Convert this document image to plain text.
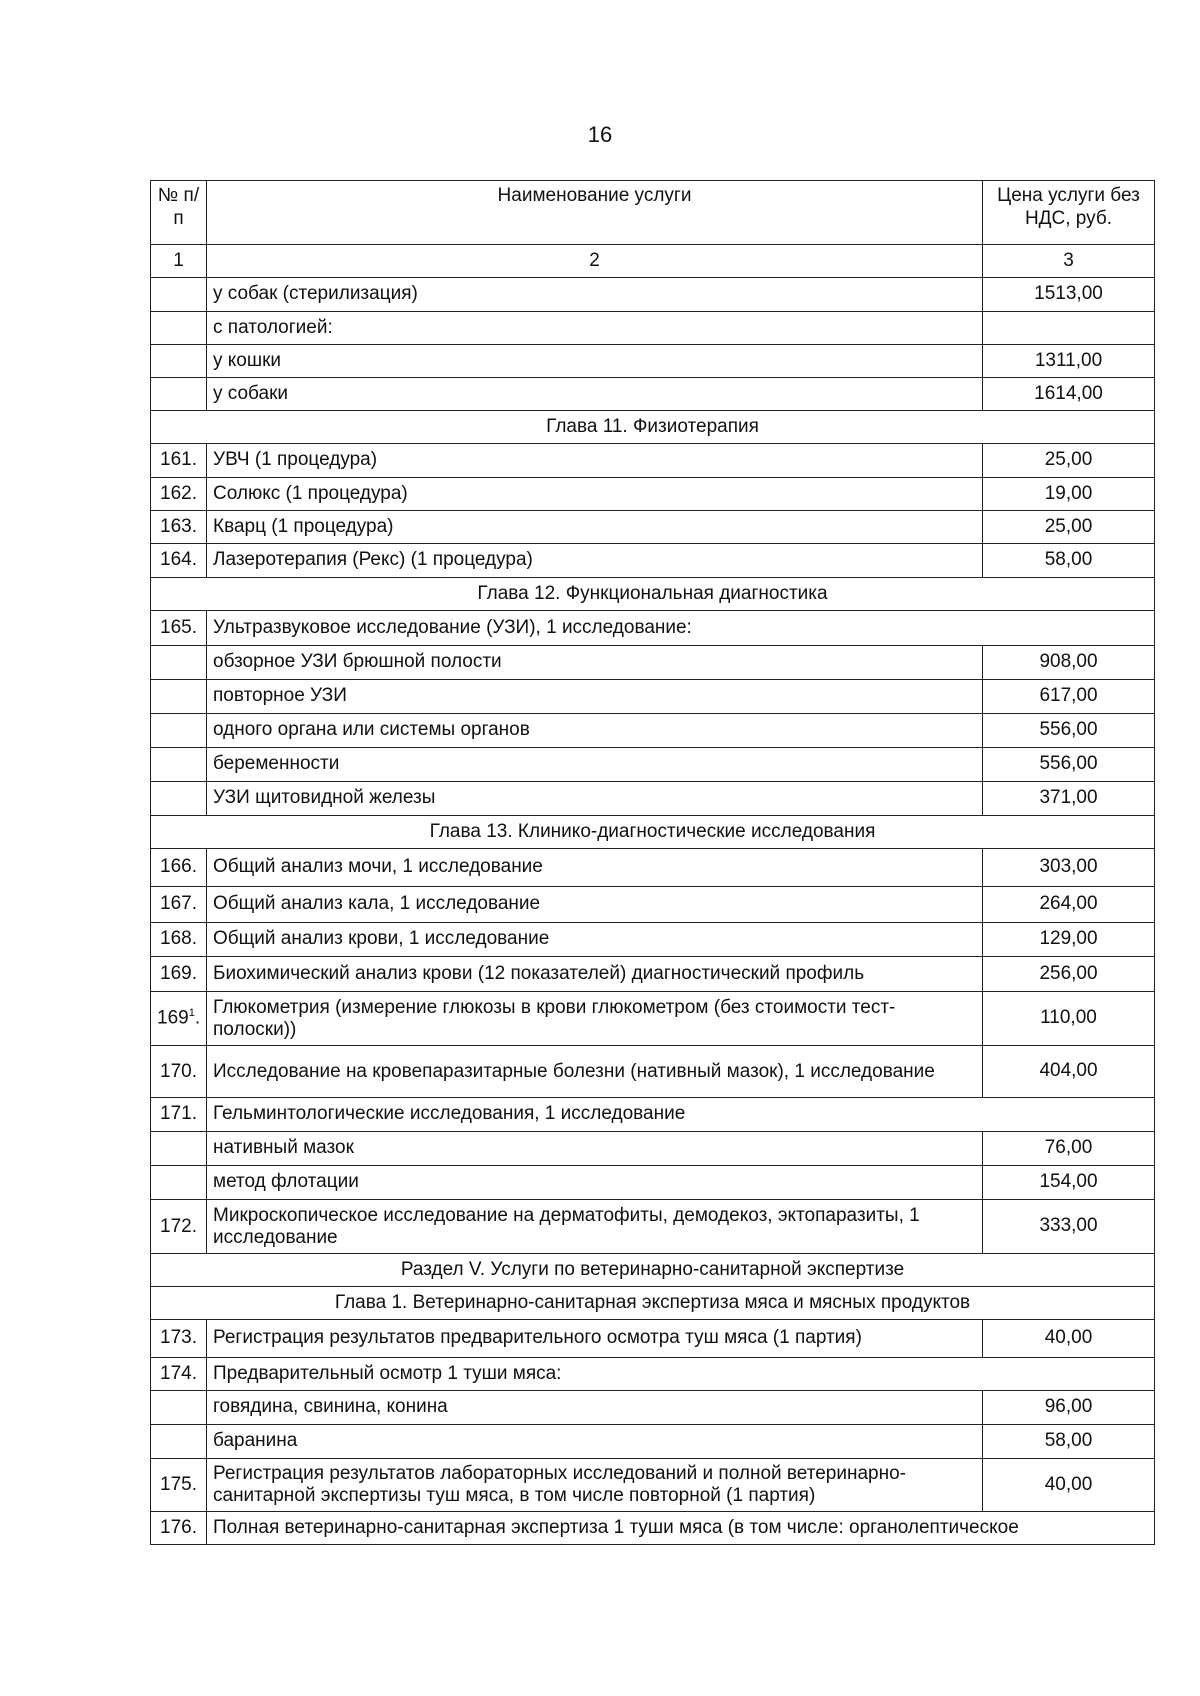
16
№ п/п	Наименование услуги	Цена услуги без НДС, руб.
1	2	3
	у собак (стерилизация)	1513,00
	с патологией:	
	у кошки	1311,00
	у собаки	1614,00
Глава 11. Физиотерапия		
161.	УВЧ (1 процедура)	25,00
162.	Солюкс (1 процедура)	19,00
163.	Кварц (1 процедура)	25,00
164.	Лазеротерапия (Рекс) (1 процедура)	58,00
Глава 12. Функциональная диагностика		
165.	Ультразвуковое исследование (УЗИ), 1 исследование:	
	обзорное УЗИ брюшной полости	908,00
	повторное УЗИ	617,00
	одного органа или системы органов	556,00
	беременности	556,00
	УЗИ щитовидной железы	371,00
Глава 13. Клинико-диагностические исследования		
166.	Общий анализ мочи, 1 исследование	303,00
167.	Общий анализ кала, 1 исследование	264,00
168.	Общий анализ крови, 1 исследование	129,00
169.	Биохимический анализ крови (12 показателей) диагностический профиль	256,00
$169^1$.	Глюкометрия (измерение глюкозы в крови глюкометром (без стоимости тест-полоски))	110,00
170.	Исследование на кровепаразитарные болезни (нативный мазок), 1 исследование	404,00
171.	Гельминтологические исследования, 1 исследование	
	нативный мазок	76,00
	метод флотации	154,00
172.	Микроскопическое исследование на дерматофиты, демодекоз, эктопаразиты, 1 исследование	333,00
Раздел V. Услуги по ветеринарно-санитарной экспертизе		
Глава 1. Ветеринарно-санитарная экспертиза мяса и мясных продуктов		
173.	Регистрация результатов предварительного осмотра туш мяса (1 партия)	40,00
174.	Предварительный осмотр 1 туши мяса:	
	говядина, свинина, конина	96,00
	баранина	58,00
175.	Регистрация результатов лабораторных исследований и полной ветеринарно-санитарной экспертизы туш мяса, в том числе повторной (1 партия)	40,00
176.	Полная ветеринарно-санитарная экспертиза 1 туши мяса (в том числе: органолептическое	
